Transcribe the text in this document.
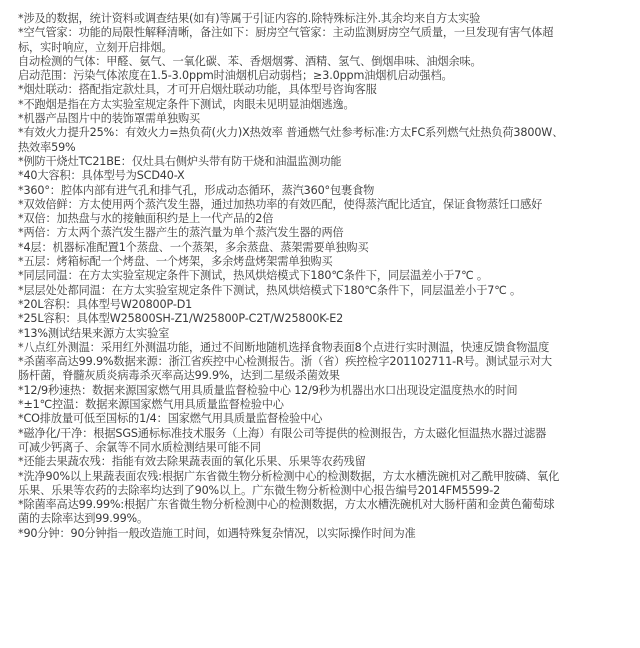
*涉及的数据，统计资料或调查结果(如有)等属于引证内容的.除特殊标注外.其余均来自方太实验
*空气管家：功能的局限性解释清晰，备注如下：厨房空气管家：主动监测厨房空气质量，一旦发现有害气体超
标，实时响应，立刻开启排烟。
自动检测的气体：甲醛、氨气、一氧化碳、苯、香烟烟雾、酒精、氢气、倒烟串味、油烟余味。
启动范围：污染气体浓度在1.5-3.0ppm时油烟机启动弱档；≥3.0ppm油烟机启动强档。
*烟灶联动：搭配指定款灶具，才可开启烟灶联动功能，具体型号咨询客服
*不跑烟是指在方太实验室规定条件下测试，肉眼未见明显油烟逃逸。
*机器产品图片中的装饰罩需单独购买
*有效火力提升25%：有效火力=热负荷(火力)X热效率 普通燃气灶参考标准:方太FC系列燃气灶热负荷3800W、
热效率59%
*例防干烧灶TC21BE：仅灶具右侧炉头带有防干烧和油温监测功能
*40大容积：具体型号为SCD40-X
*360°：腔体内部有进气孔和排气孔，形成动态循环，蒸汽360°包裹食物
*双效倍鲜：方太使用两个蒸汽发生器，通过加热功率的有效匹配，使得蒸汽配比适宜，保证食物蒸饪口感好
*双倍：加热盘与水的接触面积约是上一代产品的2倍
*两倍：方太两个蒸汽发生器产生的蒸汽量为单个蒸汽发生器的两倍
*4层：机器标准配置1个蒸盘、一个蒸架，多余蒸盘、蒸架需要单独购买
*五层：烤箱标配一个烤盘、一个烤架，多余烤盘烤架需单独购买
*同层同温：在方太实验室规定条件下测试，热风烘焙模式下180℃条件下，同层温差小于7℃ 。
*层层处处都同温：在方太实验室规定条件下测试，热风烘焙模式下180℃条件下，同层温差小于7℃ 。
*20L容积：具体型号W20800P-D1
*25L容积：具体型W25800SH-Z1/W25800P-C2T/W25800K-E2
*13%测试结果来源方太实验室
*八点红外测温：采用红外测温功能，通过不间断地随机选择食物表面8个点进行实时测温，快速反馈食物温度
*杀菌率高达99.9%数据来源：浙江省疾控中心检测报告。浙（省）疾控检字201102711-R号。测试显示对大
肠杆菌，脊髓灰质炎病毒杀灭率高达99.9%，达到二星级杀菌效果
*12/9秒速热：数据来源国家燃气用具质量监督检验中心 12/9秒为机器出水口出现设定温度热水的时间
*±1℃控温：数据来源国家燃气用具质量监督检验中心
*CO排放量可低至国标的1/4：国家燃气用具质量监督检验中心
*磁净化/干净：根据SGS通标标准技术服务（上海）有限公司等提供的检测报告，方太磁化恒温热水器过滤器
可减少钙离子、余氯等不同水质检测结果可能不同
*还能去果蔬农残：指能有效去除果蔬表面的氧化乐果、乐果等农药残留
*洗净90%以上果蔬表面农残:根据广东省微生物分析检测中心的检测数据，方太水槽洗碗机对乙酰甲胺磷、氧化
乐果、乐果等农药的去除率均达到了90%以上。广东微生物分析检测中心报告编号2014FM5599-2
*除菌率高达99.99%:根据广东省微生物分析检测中心的检测数据，方太水槽洗碗机对大肠杆菌和金黄色葡萄球
菌的去除率达到99.99%。
*90分钟：90分钟指一般改造施工时间，如遇特殊复杂情况，以实际操作时间为准
